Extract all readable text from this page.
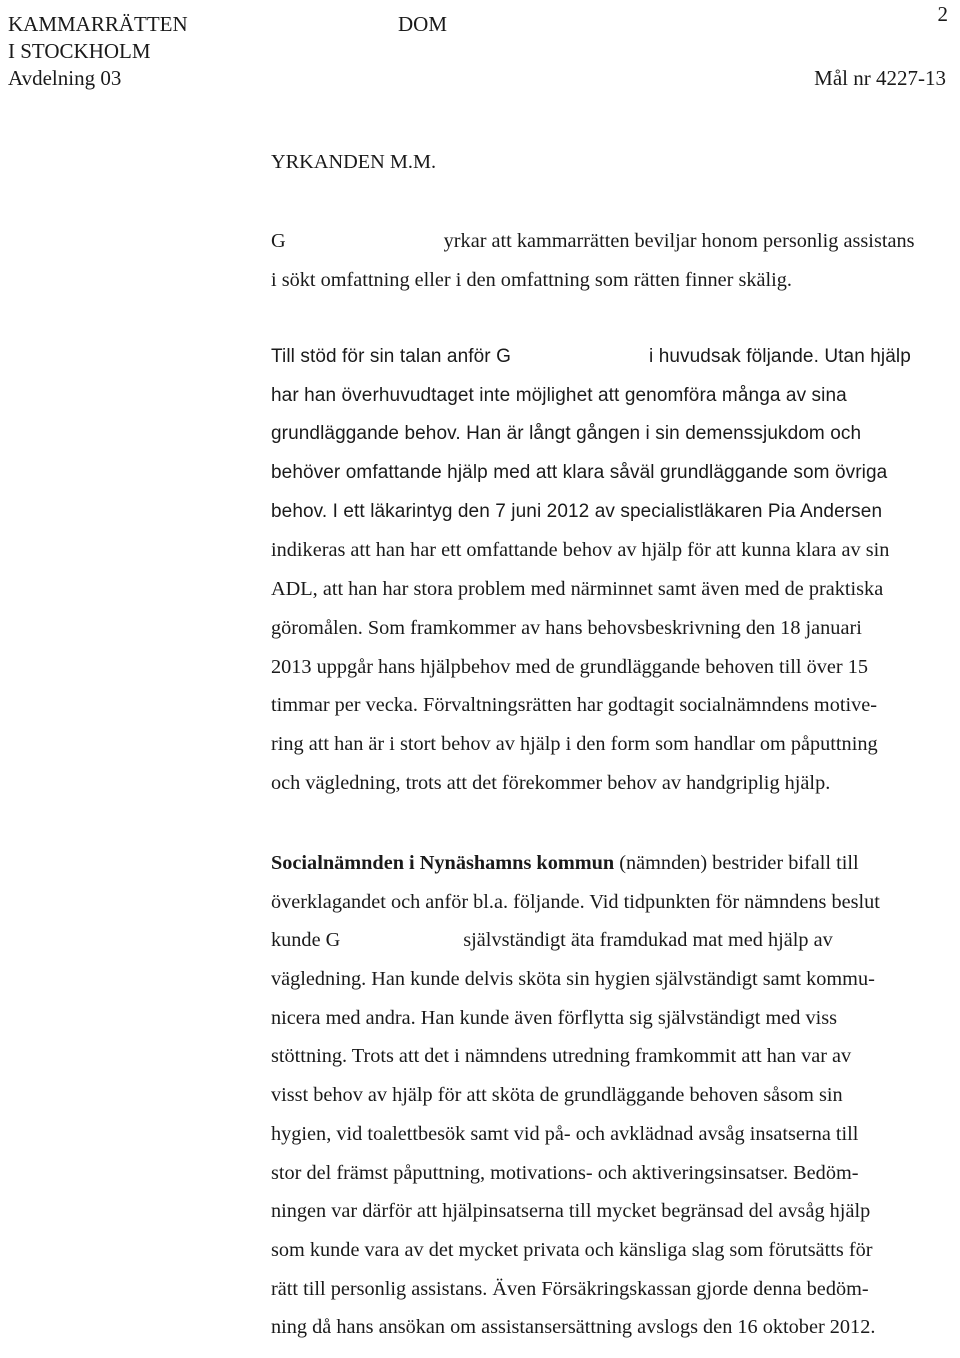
KAMMARRÄTTEN
I STOCKHOLM
Avdelning 03
DOM	2
Mål nr 4227-13
YRKANDEN M.M.
G	yrkar att kammarrätten beviljar honom personlig assistans
i sökt omfattning eller i den omfattning som rätten finner skälig.
Till stöd för sin talan anför G	i huvudsak följande. Utan hjälp
har han överhuvudtaget inte möjlighet att genomföra många av sina
grundläggande behov. Han är långt gången i sin demenssjukdom och
behöver omfattande hjälp med att klara såväl grundläggande som övriga
behov. I ett läkarintyg den 7 juni 2012 av specialistläkaren Pia Andersen
indikeras att han har ett omfattande behov av hjälp för att kunna klara av sin
ADL, att han har stora problem med närminnet samt även med de praktiska
göromålen. Som framkommer av hans behovsbeskrivning den 18 januari
2013 uppgår hans hjälpbehov med de grundläggande behoven till över 15
timmar per vecka. Förvaltningsrätten har godtagit socialnämndens motive-
ring att han är i stort behov av hjälp i den form som handlar om påputtning
och vägledning, trots att det förekommer behov av handgriplig hjälp.
Socialnämnden i Nynäshamns kommun (nämnden) bestrider bifall till
överklagandet och anför bl.a. följande. Vid tidpunkten för nämndens beslut
kunde G	självständigt äta framdukad mat med hjälp av
vägledning. Han kunde delvis sköta sin hygien självständigt samt kommu-
nicera med andra. Han kunde även förflytta sig självständigt med viss
stöttning. Trots att det i nämndens utredning framkommit att han var av
visst behov av hjälp för att sköta de grundläggande behoven såsom sin
hygien, vid toalettbesök samt vid på- och avklädnad avsåg insatserna till
stor del främst påputtning, motivations- och aktiveringsinsatser. Bedöm-
ningen var därför att hjälpinsatserna till mycket begränsad del avsåg hjälp
som kunde vara av det mycket privata och känsliga slag som förutsätts för
rätt till personlig assistans. Även Försäkringskassan gjorde denna bedöm-
ning då hans ansökan om assistansersättning avslogs den 16 oktober 2012.
